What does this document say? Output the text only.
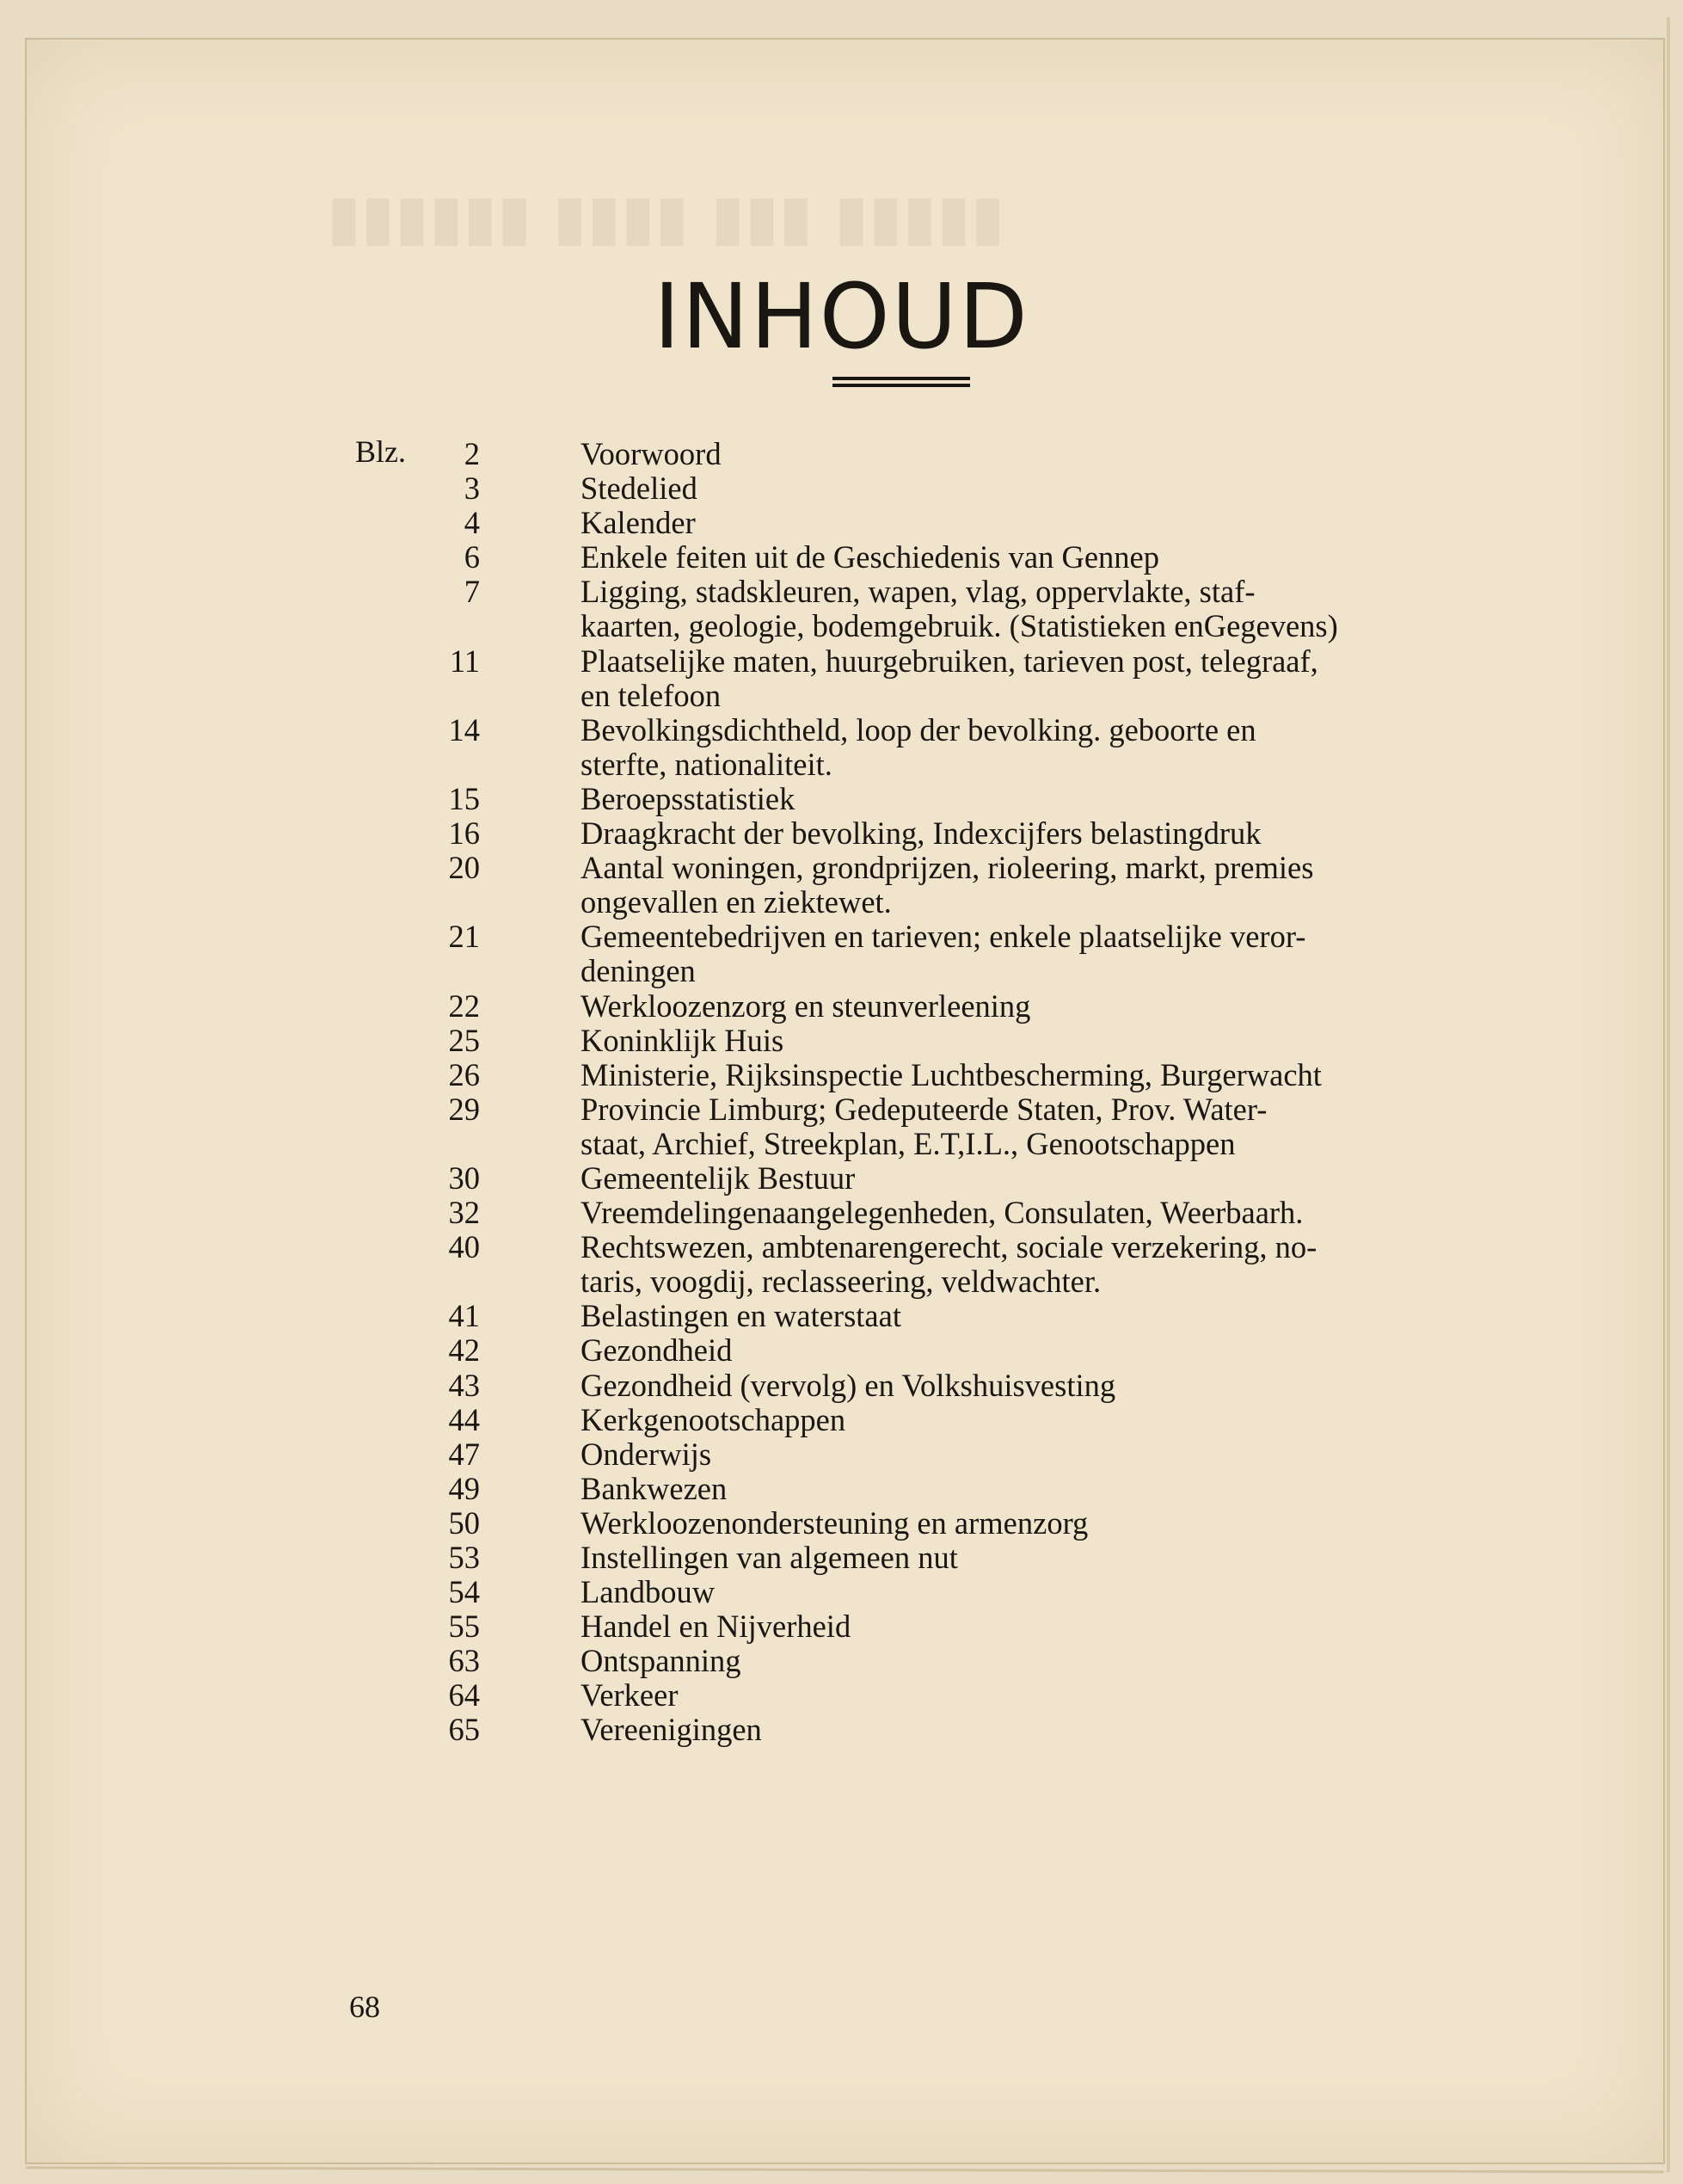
INHOUD
Blz.	2	Voorwoord
3	Stedelied
4	Kalender
6	Enkele feiten uit de Geschiedenis van Gennep
7	Ligging, stadskleuren, wapen, vlag, oppervlakte, staf-
kaarten, geologie, bodemgebruik. (Statistieken enGegevens)
11	Plaatselijke maten, huurgebruiken, tarieven post, telegraaf,
en telefoon
14	Bevolkingsdichtheld, loop der bevolking. geboorte en
sterfte, nationaliteit.
15	Beroepsstatistiek
16	Draagkracht der bevolking, Indexcijfers belastingdruk
20	Aantal woningen, grondprijzen, rioleering, markt, premies
ongevallen en ziektewet.
21	Gemeentebedrijven en tarieven; enkele plaatselijke veror-
deningen
22	Werkloozenzorg en steunverleening
25	Koninklijk Huis
26	Ministerie, Rijksinspectie Luchtbescherming, Burgerwacht
29	Provincie Limburg; Gedeputeerde Staten, Prov. Water-
staat, Archief, Streekplan, E.T,I.L., Genootschappen
30	Gemeentelijk Bestuur
32	Vreemdelingenaangelegenheden, Consulaten, Weerbaarh.
40	Rechtswezen, ambtenarengerecht, sociale verzekering, no-
taris, voogdij, reclasseering, veldwachter.
41	Belastingen en waterstaat
42	Gezondheid
43	Gezondheid (vervolg) en Volkshuisvesting
44	Kerkgenootschappen
47	Onderwijs
49	Bankwezen
50	Werkloozenondersteuning en armenzorg
53	Instellingen van algemeen nut
54	Landbouw
55	Handel en Nijverheid
63	Ontspanning
64	Verkeer
65	Vereenigingen
68
